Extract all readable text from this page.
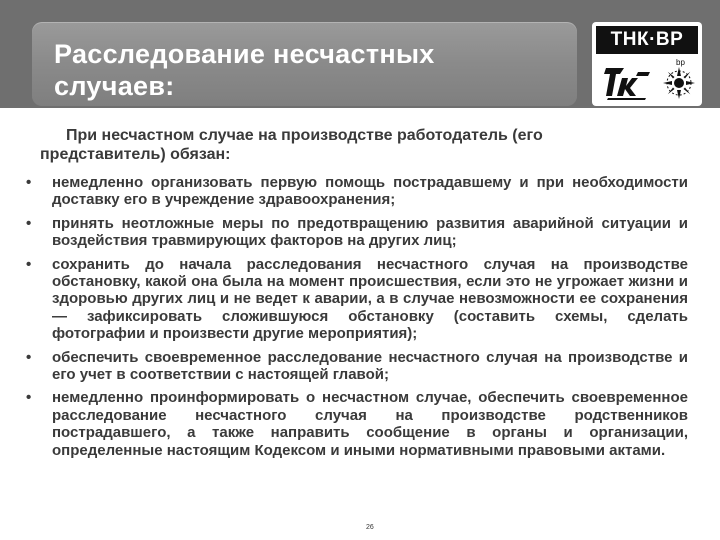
Расследование несчастных
случаев:
ТНК·BP
bp
При несчастном случае на производстве работодатель (его
представитель) обязан:
• немедленно организовать первую помощь пострадавшему и при необходимости доставку его в учреждение здравоохранения;
• принять неотложные меры по предотвращению развития аварийной ситуации и воздействия травмирующих факторов на других лиц;
• сохранить до начала расследования несчастного случая на производстве обстановку, какой она была на момент происшествия, если это не угрожает жизни и здоровью других лиц и не ведет к аварии, а в случае невозможности ее сохранения — зафиксировать сложившуюся обстановку (составить схемы, сделать фотографии и произвести другие мероприятия);
• обеспечить своевременное расследование несчастного случая на производстве и его учет в соответствии с настоящей главой;
• немедленно проинформировать о несчастном случае, обеспечить своевременное расследование несчастного случая на производстве родственников пострадавшего, а также направить сообщение в органы и организации, определенные настоящим Кодексом и иными нормативными правовыми актами.
26
